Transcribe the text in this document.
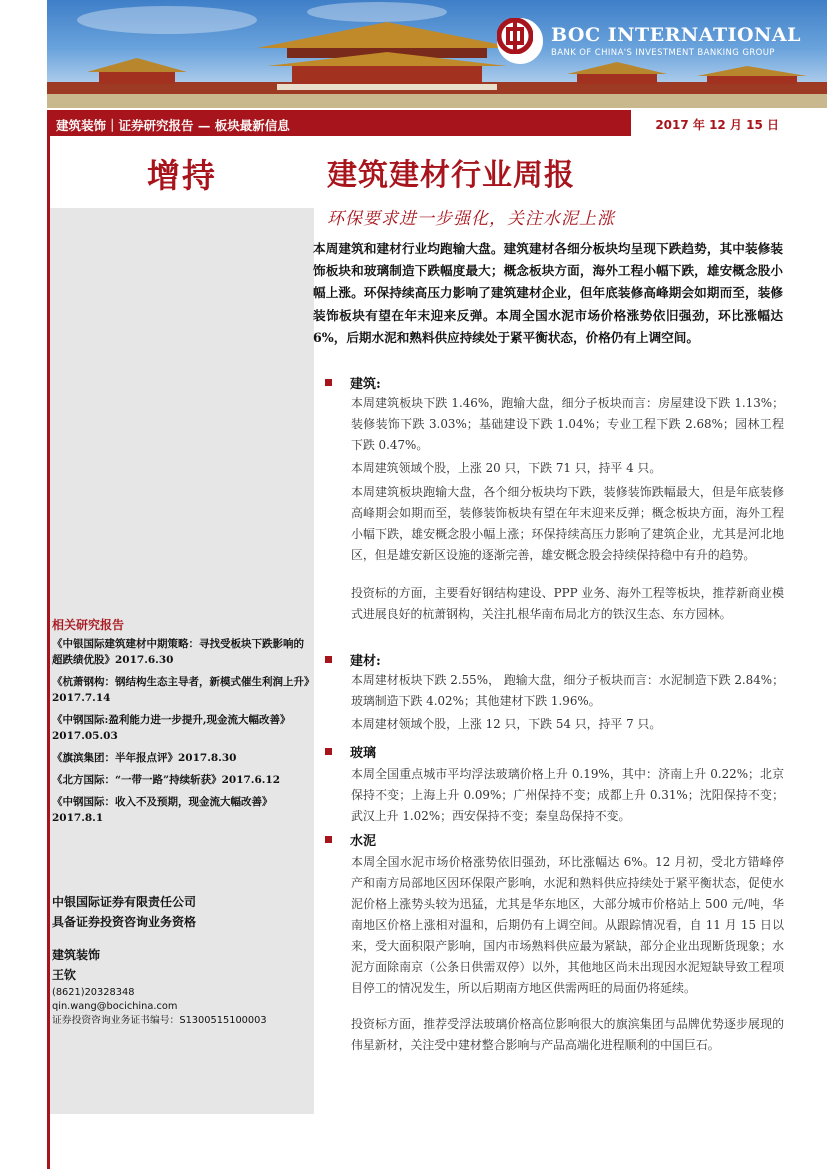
BOC INTERNATIONAL
BANK OF CHINA'S INVESTMENT BANKING GROUP
建筑装饰｜证券研究报告 — 板块最新信息	2017 年 12 月 15 日
增持
相关研究报告
《中银国际建筑建材中期策略：寻找受板块下跌影响的超跌绩优股》2017.6.30
《杭萧钢构：钢结构生态主导者，新模式催生利润上升》2017.7.14
《中钢国际:盈利能力进一步提升,现金流大幅改善》2017.05.03
《旗滨集团：半年报点评》2017.8.30
《北方国际：“一带一路”持续斩获》2017.6.12
《中钢国际：收入不及预期，现金流大幅改善》2017.8.1
中银国际证券有限责任公司
具备证券投资咨询业务资格
建筑装饰
王钦
(8621)20328348
qin.wang@bocichina.com
证券投资咨询业务证书编号：S1300515100003
建筑建材行业周报
环保要求进一步强化，关注水泥上涨
本周建筑和建材行业均跑输大盘。建筑建材各细分板块均呈现下跌趋势，其中装修装饰板块和玻璃制造下跌幅度最大；概念板块方面，海外工程小幅下跌，雄安概念股小幅上涨。环保持续高压力影响了建筑建材企业，但年底装修高峰期会如期而至，装修装饰板块有望在年末迎来反弹。本周全国水泥市场价格涨势依旧强劲，环比涨幅达 6%，后期水泥和熟料供应持续处于紧平衡状态，价格仍有上调空间。
建筑:
本周建筑板块下跌 1.46%，跑输大盘，细分子板块而言：房屋建设下跌 1.13%；装修装饰下跌 3.03%；基础建设下跌 1.04%；专业工程下跌 2.68%；园林工程下跌 0.47%。
本周建筑领域个股，上涨 20 只，下跌 71 只，持平 4 只。
本周建筑板块跑输大盘，各个细分板块均下跌，装修装饰跌幅最大，但是年底装修高峰期会如期而至，装修装饰板块有望在年末迎来反弹；概念板块方面，海外工程小幅下跌，雄安概念股小幅上涨；环保持续高压力影响了建筑企业，尤其是河北地区，但是雄安新区设施的逐渐完善，雄安概念股会持续保持稳中有升的趋势。
投资标的方面，主要看好钢结构建设、PPP 业务、海外工程等板块，推荐新商业模式进展良好的杭萧钢构，关注扎根华南布局北方的铁汉生态、东方园林。
建材:
本周建材板块下跌 2.55%， 跑输大盘，细分子板块而言：水泥制造下跌 2.84%；玻璃制造下跌 4.02%；其他建材下跌 1.96%。
本周建材领域个股，上涨 12 只，下跌 54 只，持平 7 只。
玻璃
本周全国重点城市平均浮法玻璃价格上升 0.19%，其中：济南上升 0.22%；北京保持不变；上海上升 0.09%；广州保持不变；成都上升 0.31%；沈阳保持不变；武汉上升 1.02%；西安保持不变；秦皇岛保持不变。
水泥
本周全国水泥市场价格涨势依旧强劲，环比涨幅达 6%。12 月初，受北方错峰停产和南方局部地区因环保限产影响，水泥和熟料供应持续处于紧平衡状态，促使水泥价格上涨势头较为迅猛，尤其是华东地区，大部分城市价格站上 500 元/吨，华南地区价格上涨相对温和，后期仍有上调空间。从跟踪情况看，自 11 月 15 日以来，受大面积限产影响，国内市场熟料供应最为紧缺，部分企业出现断货现象；水泥方面除南京（公条日供需双停）以外，其他地区尚未出现因水泥短缺导致工程项目停工的情况发生，所以后期南方地区供需两旺的局面仍将延续。
投资标方面，推荐受浮法玻璃价格高位影响很大的旗滨集团与品牌优势逐步展现的伟星新材，关注受中建材整合影响与产品高端化进程顺利的中国巨石。
